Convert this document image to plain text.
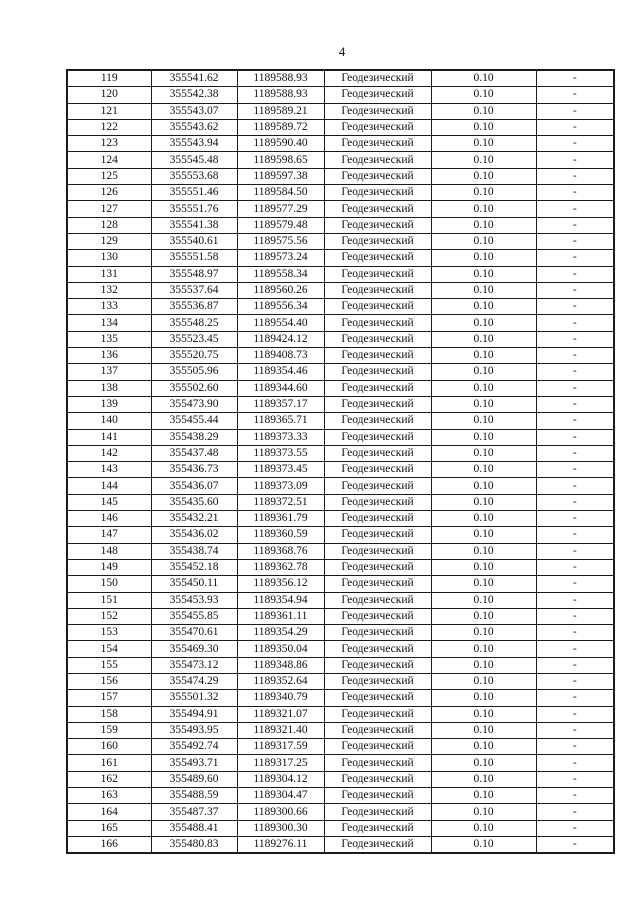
4
119	355541.62	1189588.93	Геодезический	0.10	-
120	355542.38	1189588.93	Геодезический	0.10	-
121	355543.07	1189589.21	Геодезический	0.10	-
122	355543.62	1189589.72	Геодезический	0.10	-
123	355543.94	1189590.40	Геодезический	0.10	-
124	355545.48	1189598.65	Геодезический	0.10	-
125	355553.68	1189597.38	Геодезический	0.10	-
126	355551.46	1189584.50	Геодезический	0.10	-
127	355551.76	1189577.29	Геодезический	0.10	-
128	355541.38	1189579.48	Геодезический	0.10	-
129	355540.61	1189575.56	Геодезический	0.10	-
130	355551.58	1189573.24	Геодезический	0.10	-
131	355548.97	1189558.34	Геодезический	0.10	-
132	355537.64	1189560.26	Геодезический	0.10	-
133	355536.87	1189556.34	Геодезический	0.10	-
134	355548.25	1189554.40	Геодезический	0.10	-
135	355523.45	1189424.12	Геодезический	0.10	-
136	355520.75	1189408.73	Геодезический	0.10	-
137	355505.96	1189354.46	Геодезический	0.10	-
138	355502.60	1189344.60	Геодезический	0.10	-
139	355473.90	1189357.17	Геодезический	0.10	-
140	355455.44	1189365.71	Геодезический	0.10	-
141	355438.29	1189373.33	Геодезический	0.10	-
142	355437.48	1189373.55	Геодезический	0.10	-
143	355436.73	1189373.45	Геодезический	0.10	-
144	355436.07	1189373.09	Геодезический	0.10	-
145	355435.60	1189372.51	Геодезический	0.10	-
146	355432.21	1189361.79	Геодезический	0.10	-
147	355436.02	1189360.59	Геодезический	0.10	-
148	355438.74	1189368.76	Геодезический	0.10	-
149	355452.18	1189362.78	Геодезический	0.10	-
150	355450.11	1189356.12	Геодезический	0.10	-
151	355453.93	1189354.94	Геодезический	0.10	-
152	355455.85	1189361.11	Геодезический	0.10	-
153	355470.61	1189354.29	Геодезический	0.10	-
154	355469.30	1189350.04	Геодезический	0.10	-
155	355473.12	1189348.86	Геодезический	0.10	-
156	355474.29	1189352.64	Геодезический	0.10	-
157	355501.32	1189340.79	Геодезический	0.10	-
158	355494.91	1189321.07	Геодезический	0.10	-
159	355493.95	1189321.40	Геодезический	0.10	-
160	355492.74	1189317.59	Геодезический	0.10	-
161	355493.71	1189317.25	Геодезический	0.10	-
162	355489.60	1189304.12	Геодезический	0.10	-
163	355488.59	1189304.47	Геодезический	0.10	-
164	355487.37	1189300.66	Геодезический	0.10	-
165	355488.41	1189300.30	Геодезический	0.10	-
166	355480.83	1189276.11	Геодезический	0.10	-
